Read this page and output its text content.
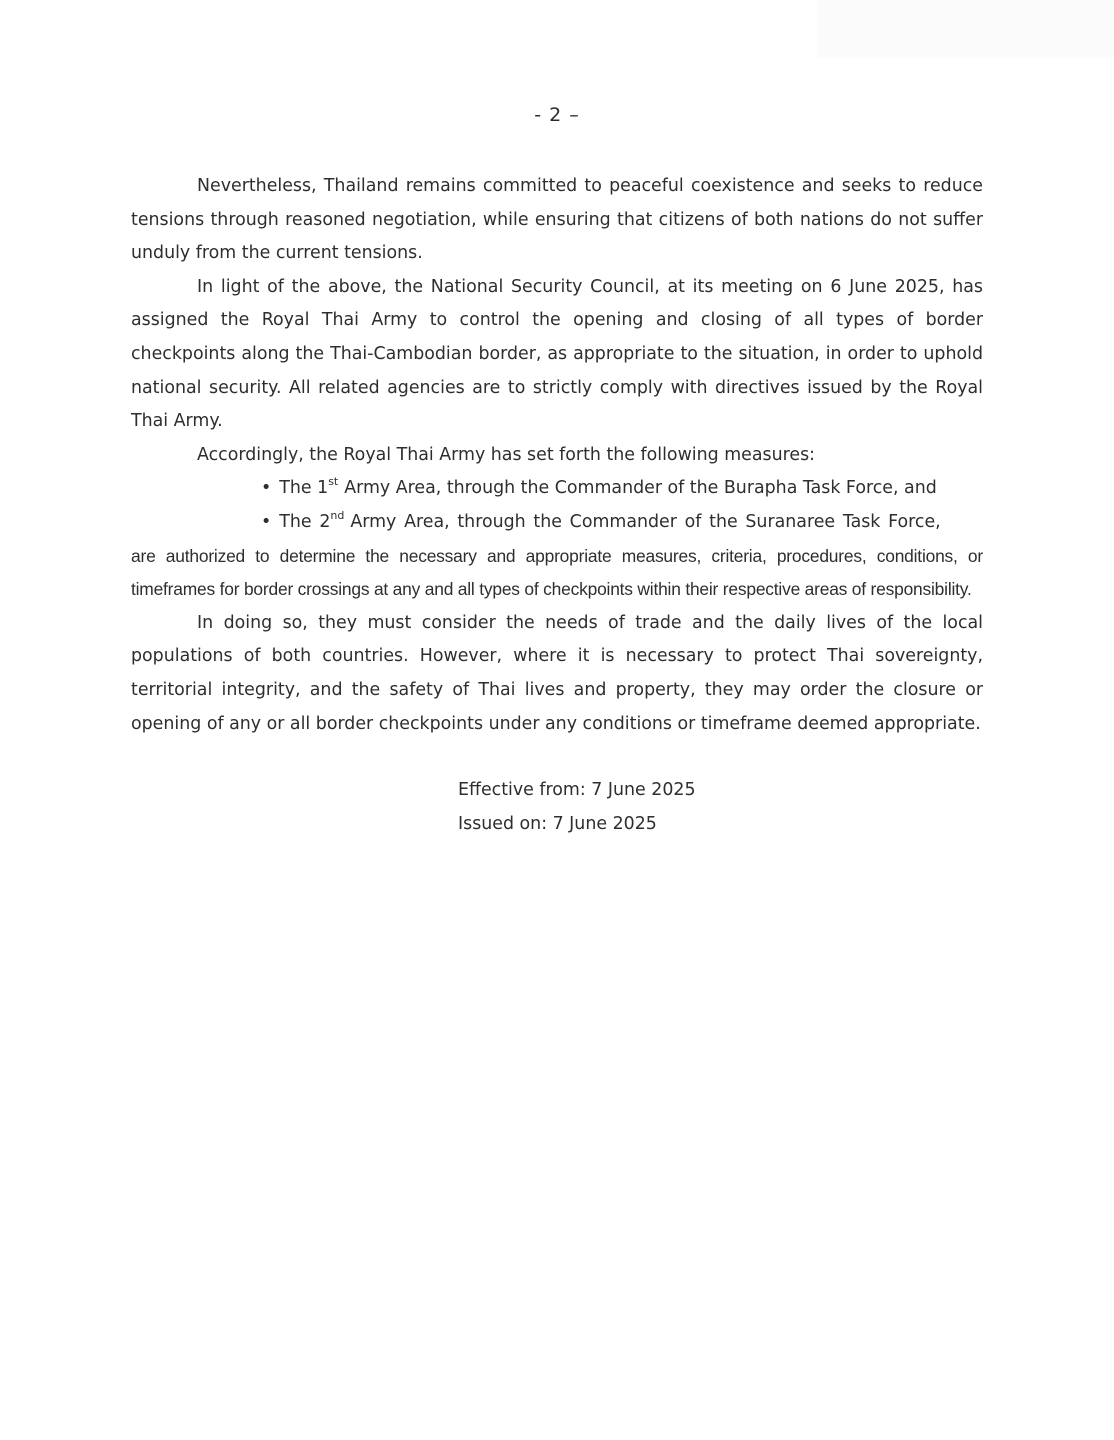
- 2 –

Nevertheless, Thailand remains committed to peaceful coexistence and seeks to reduce tensions through reasoned negotiation, while ensuring that citizens of both nations do not suffer unduly from the current tensions.

In light of the above, the National Security Council, at its meeting on 6 June 2025, has assigned the Royal Thai Army to control the opening and closing of all types of border checkpoints along the Thai-Cambodian border, as appropriate to the situation, in order to uphold national security. All related agencies are to strictly comply with directives issued by the Royal Thai Army.

Accordingly, the Royal Thai Army has set forth the following measures:

• The 1st Army Area, through the Commander of the Burapha Task Force, and

• The 2nd Army Area, through the Commander of the Suranaree Task Force,

are authorized to determine the necessary and appropriate measures, criteria, procedures, conditions, or timeframes for border crossings at any and all types of checkpoints within their respective areas of responsibility.

In doing so, they must consider the needs of trade and the daily lives of the local populations of both countries. However, where it is necessary to protect Thai sovereignty, territorial integrity, and the safety of Thai lives and property, they may order the closure or opening of any or all border checkpoints under any conditions or timeframe deemed appropriate.

Effective from: 7 June 2025

Issued on: 7 June 2025
